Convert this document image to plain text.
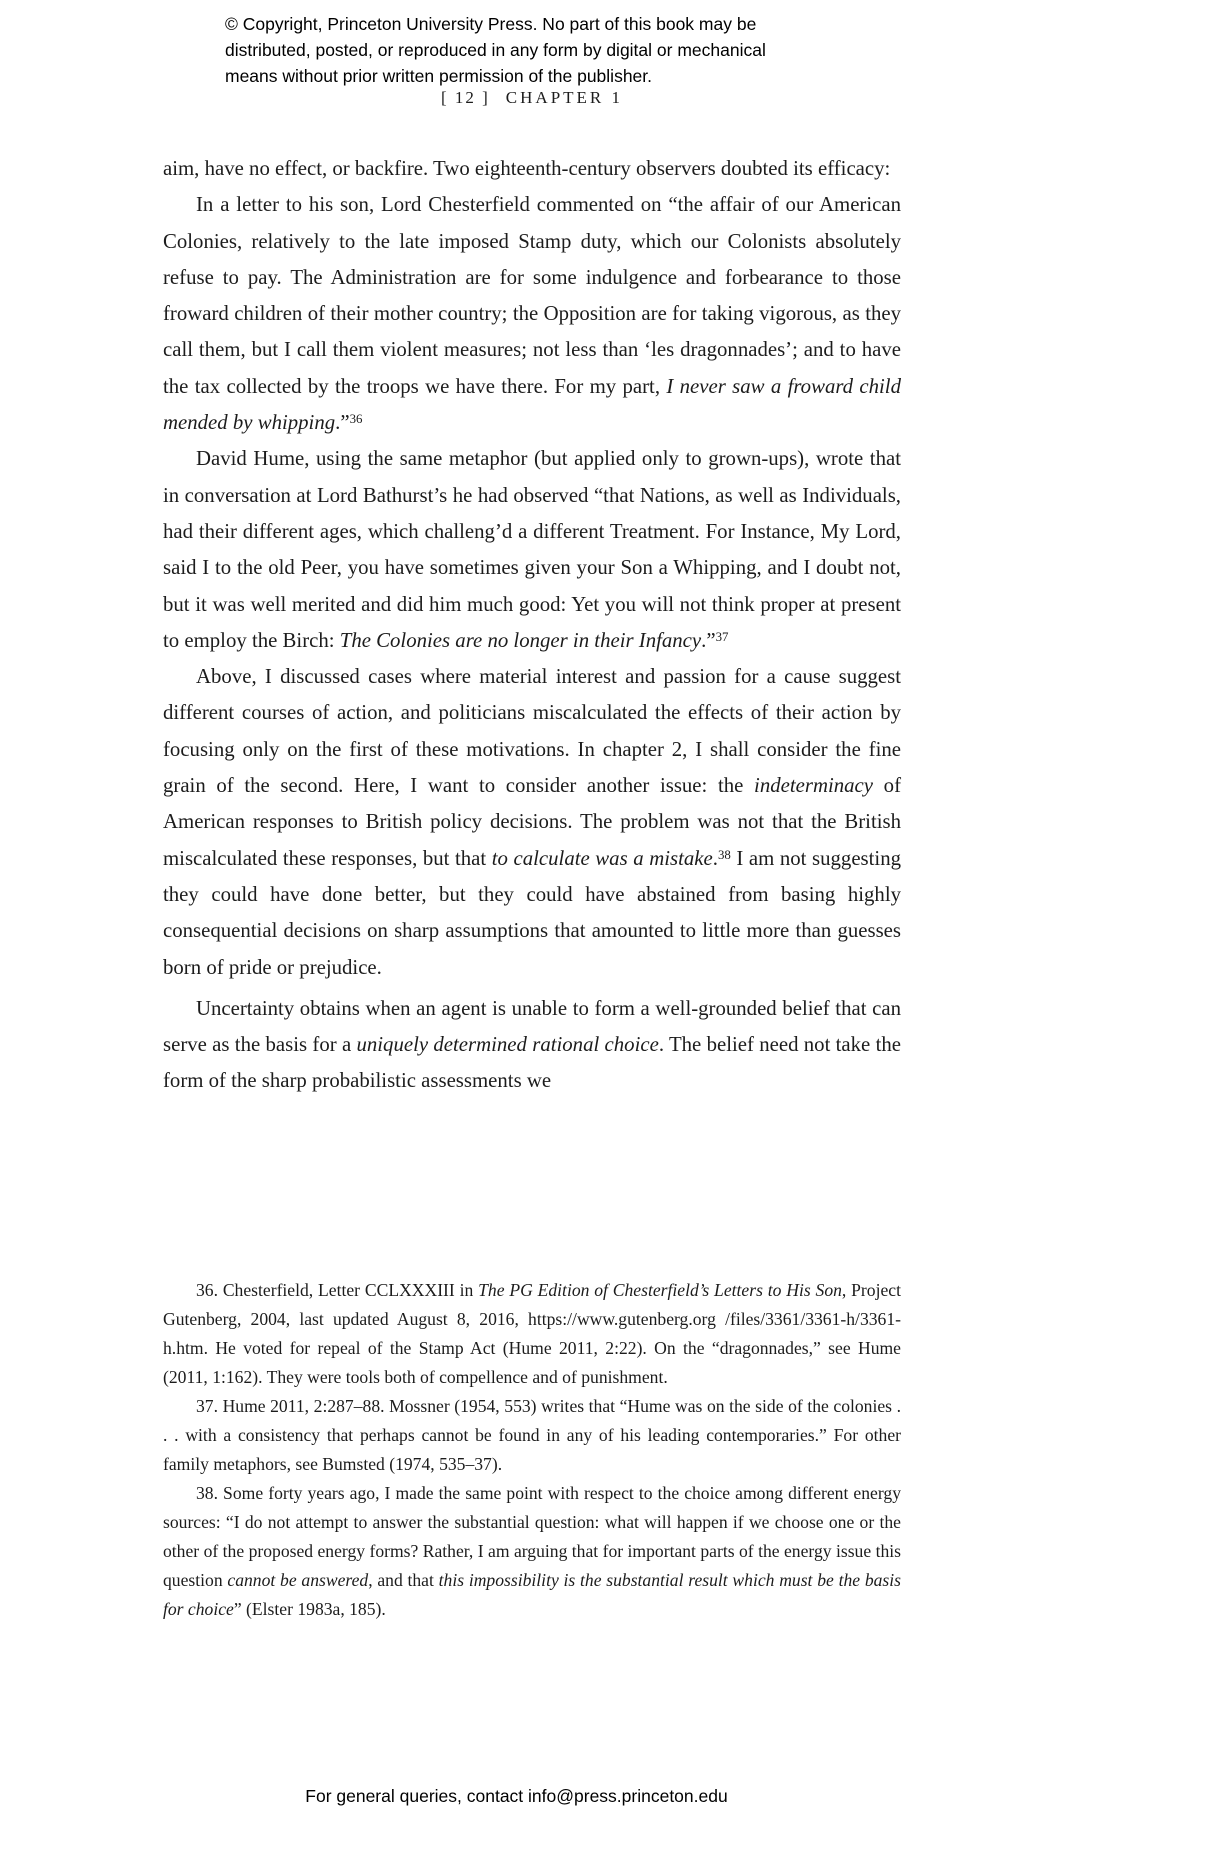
© Copyright, Princeton University Press. No part of this book may be
distributed, posted, or reproduced in any form by digital or mechanical
means without prior written permission of the publisher.
[ 12 ] CHAPTER 1
aim, have no effect, or backfire. Two eighteenth-century observers doubted its efficacy:
In a letter to his son, Lord Chesterfield commented on “the affair of our American Colonies, relatively to the late imposed Stamp duty, which our Colonists absolutely refuse to pay. The Administration are for some indulgence and forbearance to those froward children of their mother country; the Opposition are for taking vigorous, as they call them, but I call them violent measures; not less than ‘les dragonnades’; and to have the tax collected by the troops we have there. For my part, I never saw a froward child mended by whipping.”$^{36}$
David Hume, using the same metaphor (but applied only to grown-ups), wrote that in conversation at Lord Bathurst’s he had observed “that Nations, as well as Individuals, had their different ages, which challeng’d a different Treatment. For Instance, My Lord, said I to the old Peer, you have sometimes given your Son a Whipping, and I doubt not, but it was well merited and did him much good: Yet you will not think proper at present to employ the Birch: The Colonies are no longer in their Infancy.”$^{37}$
Above, I discussed cases where material interest and passion for a cause suggest different courses of action, and politicians miscalculated the effects of their action by focusing only on the first of these motivations. In chapter 2, I shall consider the fine grain of the second. Here, I want to consider another issue: the indeterminacy of American responses to British policy decisions. The problem was not that the British miscalculated these responses, but that to calculate was a mistake.$^{38}$ I am not suggesting they could have done better, but they could have abstained from basing highly consequential decisions on sharp assumptions that amounted to little more than guesses born of pride or prejudice.
Uncertainty obtains when an agent is unable to form a well-grounded belief that can serve as the basis for a uniquely determined rational choice. The belief need not take the form of the sharp probabilistic assessments we
36. Chesterfield, Letter CCLXXXIII in The PG Edition of Chesterfield’s Letters to His Son, Project Gutenberg, 2004, last updated August 8, 2016, https://www.gutenberg.org /files/3361/3361-h/3361-h.htm. He voted for repeal of the Stamp Act (Hume 2011, 2:22). On the “dragonnades,” see Hume (2011, 1:162). They were tools both of compellence and of punishment.
37. Hume 2011, 2:287–88. Mossner (1954, 553) writes that “Hume was on the side of the colonies . . . with a consistency that perhaps cannot be found in any of his leading contemporaries.” For other family metaphors, see Bumsted (1974, 535–37).
38. Some forty years ago, I made the same point with respect to the choice among different energy sources: “I do not attempt to answer the substantial question: what will happen if we choose one or the other of the proposed energy forms? Rather, I am arguing that for important parts of the energy issue this question cannot be answered, and that this impossibility is the substantial result which must be the basis for choice” (Elster 1983a, 185).
For general queries, contact info@press.princeton.edu
